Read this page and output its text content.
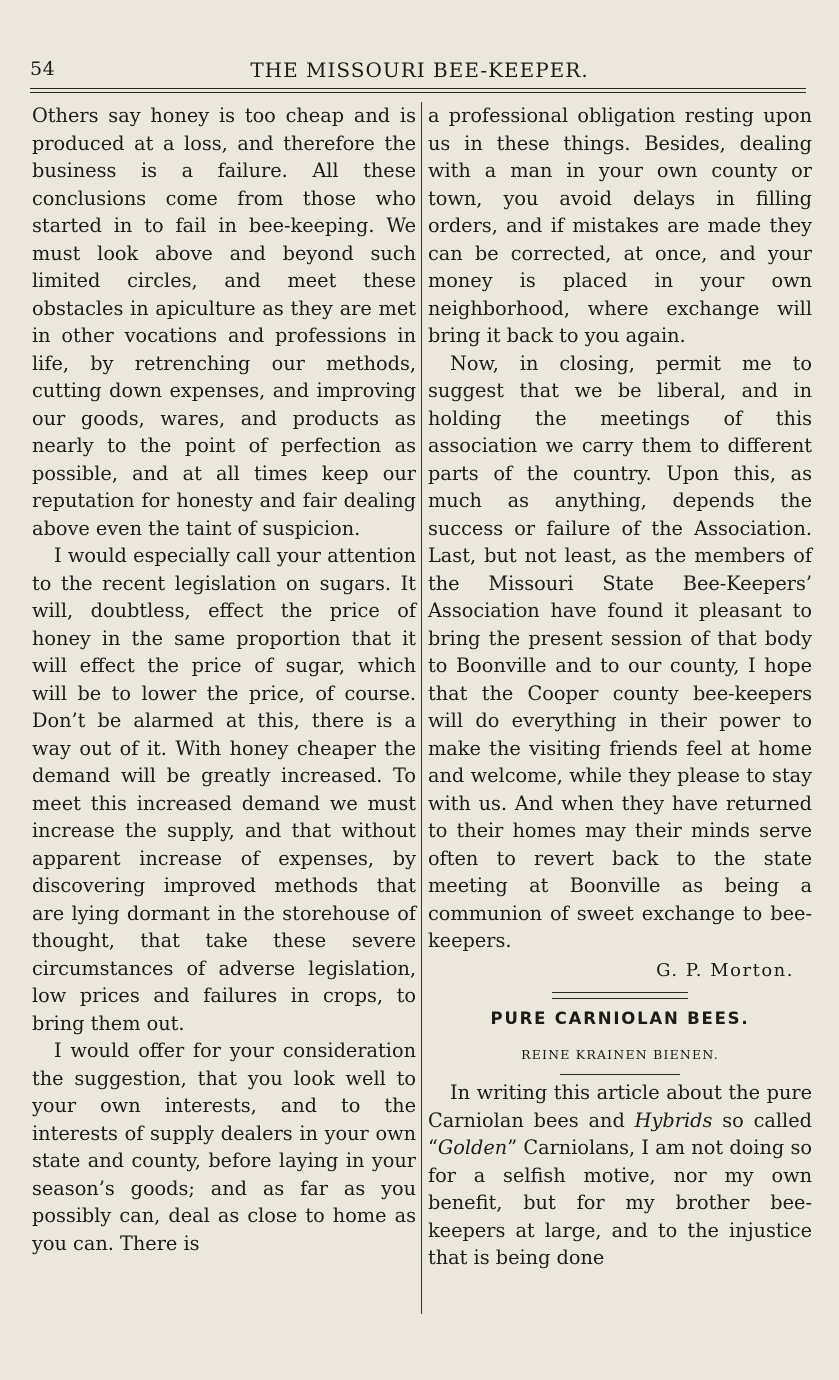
54	THE MISSOURI BEE-KEEPER.

Others say honey is too cheap and is produced at a loss, and therefore the business is a failure. All these conclusions come from those who started in to fail in bee-keeping. We must look above and beyond such limited circles, and meet these obstacles in apiculture as they are met in other vocations and professions in life, by retrenching our methods, cutting down expenses, and improving our goods, wares, and products as nearly to the point of perfection as possible, and at all times keep our reputation for honesty and fair dealing above even the taint of suspicion.

I would especially call your attention to the recent legislation on sugars. It will, doubtless, effect the price of honey in the same proportion that it will effect the price of sugar, which will be to lower the price, of course. Don’t be alarmed at this, there is a way out of it. With honey cheaper the demand will be greatly increased. To meet this increased demand we must increase the supply, and that without apparent increase of expenses, by discovering improved methods that are lying dormant in the storehouse of thought, that take these severe circumstances of adverse legislation, low prices and failures in crops, to bring them out.

I would offer for your consideration the suggestion, that you look well to your own interests, and to the interests of supply dealers in your own state and county, before laying in your season’s goods; and as far as you possibly can, deal as close to home as you can. There is

a professional obligation resting upon us in these things. Besides, dealing with a man in your own county or town, you avoid delays in filling orders, and if mistakes are made they can be corrected, at once, and your money is placed in your own neighborhood, where exchange will bring it back to you again.

Now, in closing, permit me to suggest that we be liberal, and in holding the meetings of this association we carry them to different parts of the country. Upon this, as much as anything, depends the success or failure of the Association. Last, but not least, as the members of the Missouri State Bee-Keepers’ Association have found it pleasant to bring the present session of that body to Boonville and to our county, I hope that the Cooper county bee-keepers will do everything in their power to make the visiting friends feel at home and welcome, while they please to stay with us. And when they have returned to their homes may their minds serve often to revert back to the state meeting at Boonville as being a communion of sweet exchange to bee-keepers.

G. P. Morton.
PURE CARNIOLAN BEES.
REINE KRAINEN BIENEN.

In writing this article about the pure Carniolan bees and Hybrids so called “Golden” Carniolans, I am not doing so for a selfish motive, nor my own benefit, but for my brother bee-keepers at large, and to the injustice that is being done
